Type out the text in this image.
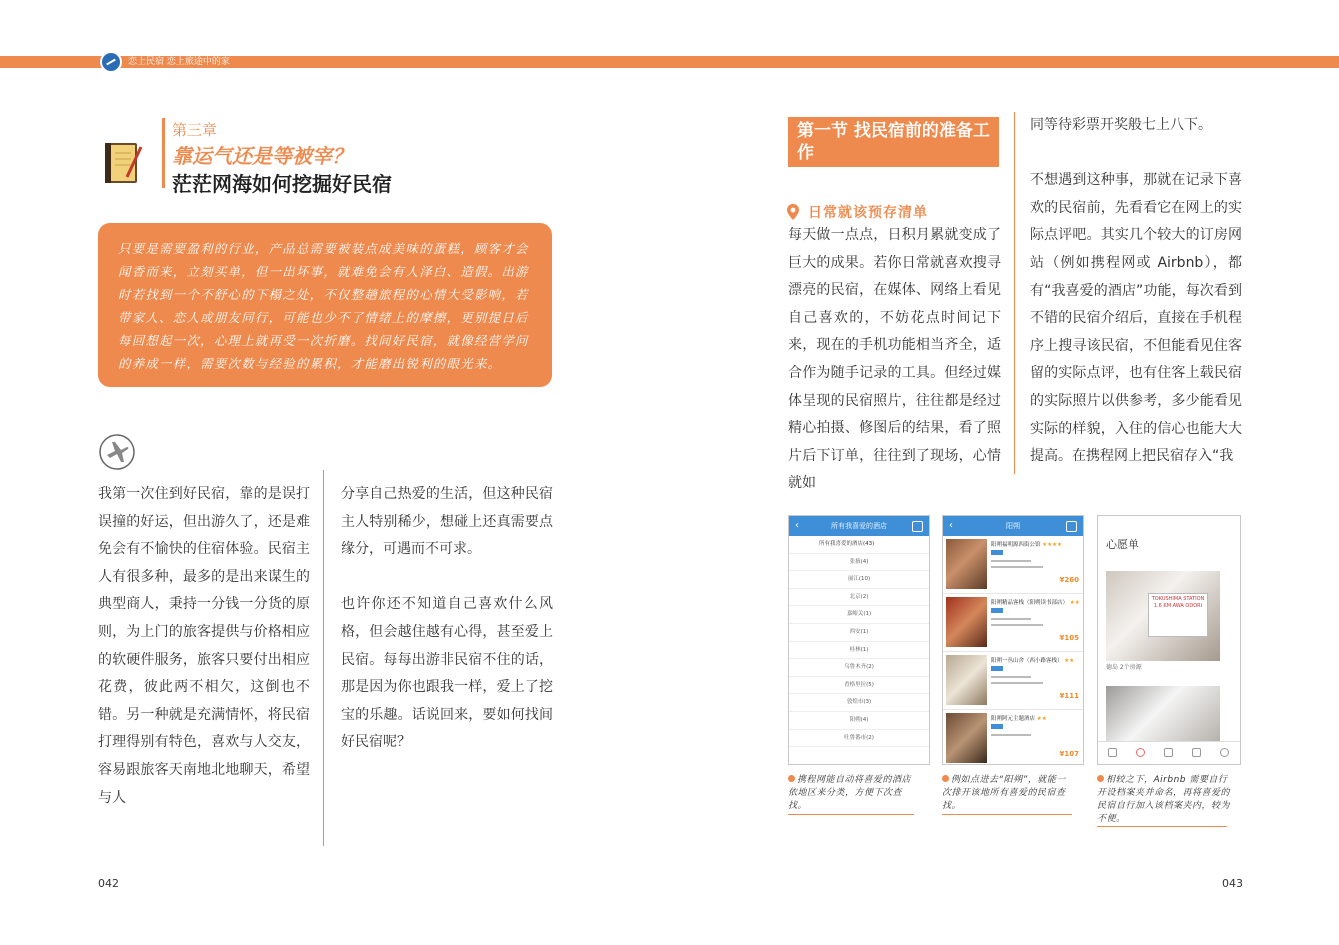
恋上民宿 恋上旅途中的家
第三章
靠运气还是等被宰？
茫茫网海如何挖掘好民宿
只要是需要盈利的行业，产品总需要被装点成美味的蛋糕，顾客才会闻香而来，立刻买单，但一出坏事，就难免会有人泽白、造假。出游时若找到一个不舒心的下榻之处，不仅整趟旅程的心情大受影响，若带家人、恋人或朋友同行，可能也少不了情绪上的摩擦，更别提日后每回想起一次，心理上就再受一次折磨。找间好民宿，就像经营学问的养成一样，需要次数与经验的累积，才能磨出锐利的眼光来。
我第一次住到好民宿，靠的是误打误撞的好运，但出游久了，还是难免会有不愉快的住宿体验。民宿主人有很多种，最多的是出来谋生的典型商人，秉持一分钱一分货的原则，为上门的旅客提供与价格相应的软硬件服务，旅客只要付出相应花费，彼此两不相欠，这倒也不错。另一种就是充满情怀，将民宿打理得别有特色，喜欢与人交友，容易跟旅客天南地北地聊天，希望与人
分享自己热爱的生活，但这种民宿主人特别稀少，想碰上还真需要点缘分，可遇而不可求。
也许你还不知道自己喜欢什么风格，但会越住越有心得，甚至爱上民宿。每每出游非民宿不住的话，那是因为你也跟我一样，爱上了挖宝的乐趣。话说回来，要如何找间好民宿呢？
042
第一节 找民宿前的准备工作
日常就该预存清单
每天做一点点，日积月累就变成了巨大的成果。若你日常就喜欢搜寻漂亮的民宿，在媒体、网络上看见自己喜欢的，不妨花点时间记下来，现在的手机功能相当齐全，适合作为随手记录的工具。但经过媒体呈现的民宿照片，往往都是经过精心拍摄、修图后的结果，看了照片后下订单，往往到了现场，心情就如
同等待彩票开奖般七上八下。
不想遇到这种事，那就在记录下喜欢的民宿前，先看看它在网上的实际点评吧。其实几个较大的订房网站（例如携程网或 Airbnb），都有“我喜爱的酒店”功能，每次看到不错的民宿介绍后，直接在手机程序上搜寻该民宿，不但能看见住客留的实际点评，也有住客上载民宿的实际照片以供参考，多少能看见实际的样貌，入住的信心也能大大提高。在携程网上把民宿存入“我
‹	所有我喜爱的酒店
所有我喜爱的酒店(43)
张掖(4)
丽江(10)
北京(2)
嘉峪关(1)
西安(1)
桂林(1)
乌鲁木齐(2)
香格里拉(5)
敦煌市(3)
阳朔(4)
吐鲁番市(2)
‹	阳朔
阳朔福明源西街公馆 ★★★★
¥260
阳朔精品客栈（阳朔读书部店） ★★
¥105
阳朔一丛山舍（西小路客栈） ★★
¥111
阳朔阿元主题酒店 ★★
¥107
心愿单
TOKUSHIMA STATION 1.6 KM AWA ODORI
德岛 2个房源
携程网能自动将喜爱的酒店依地区来分类，方便下次查找。
例如点进去“阳朔”，就能一次排开该地所有喜爱的民宿查找。
相较之下，Airbnb 需要自行开设档案夹并命名，再将喜爱的民宿自行加入该档案夹内，较为不便。
043
